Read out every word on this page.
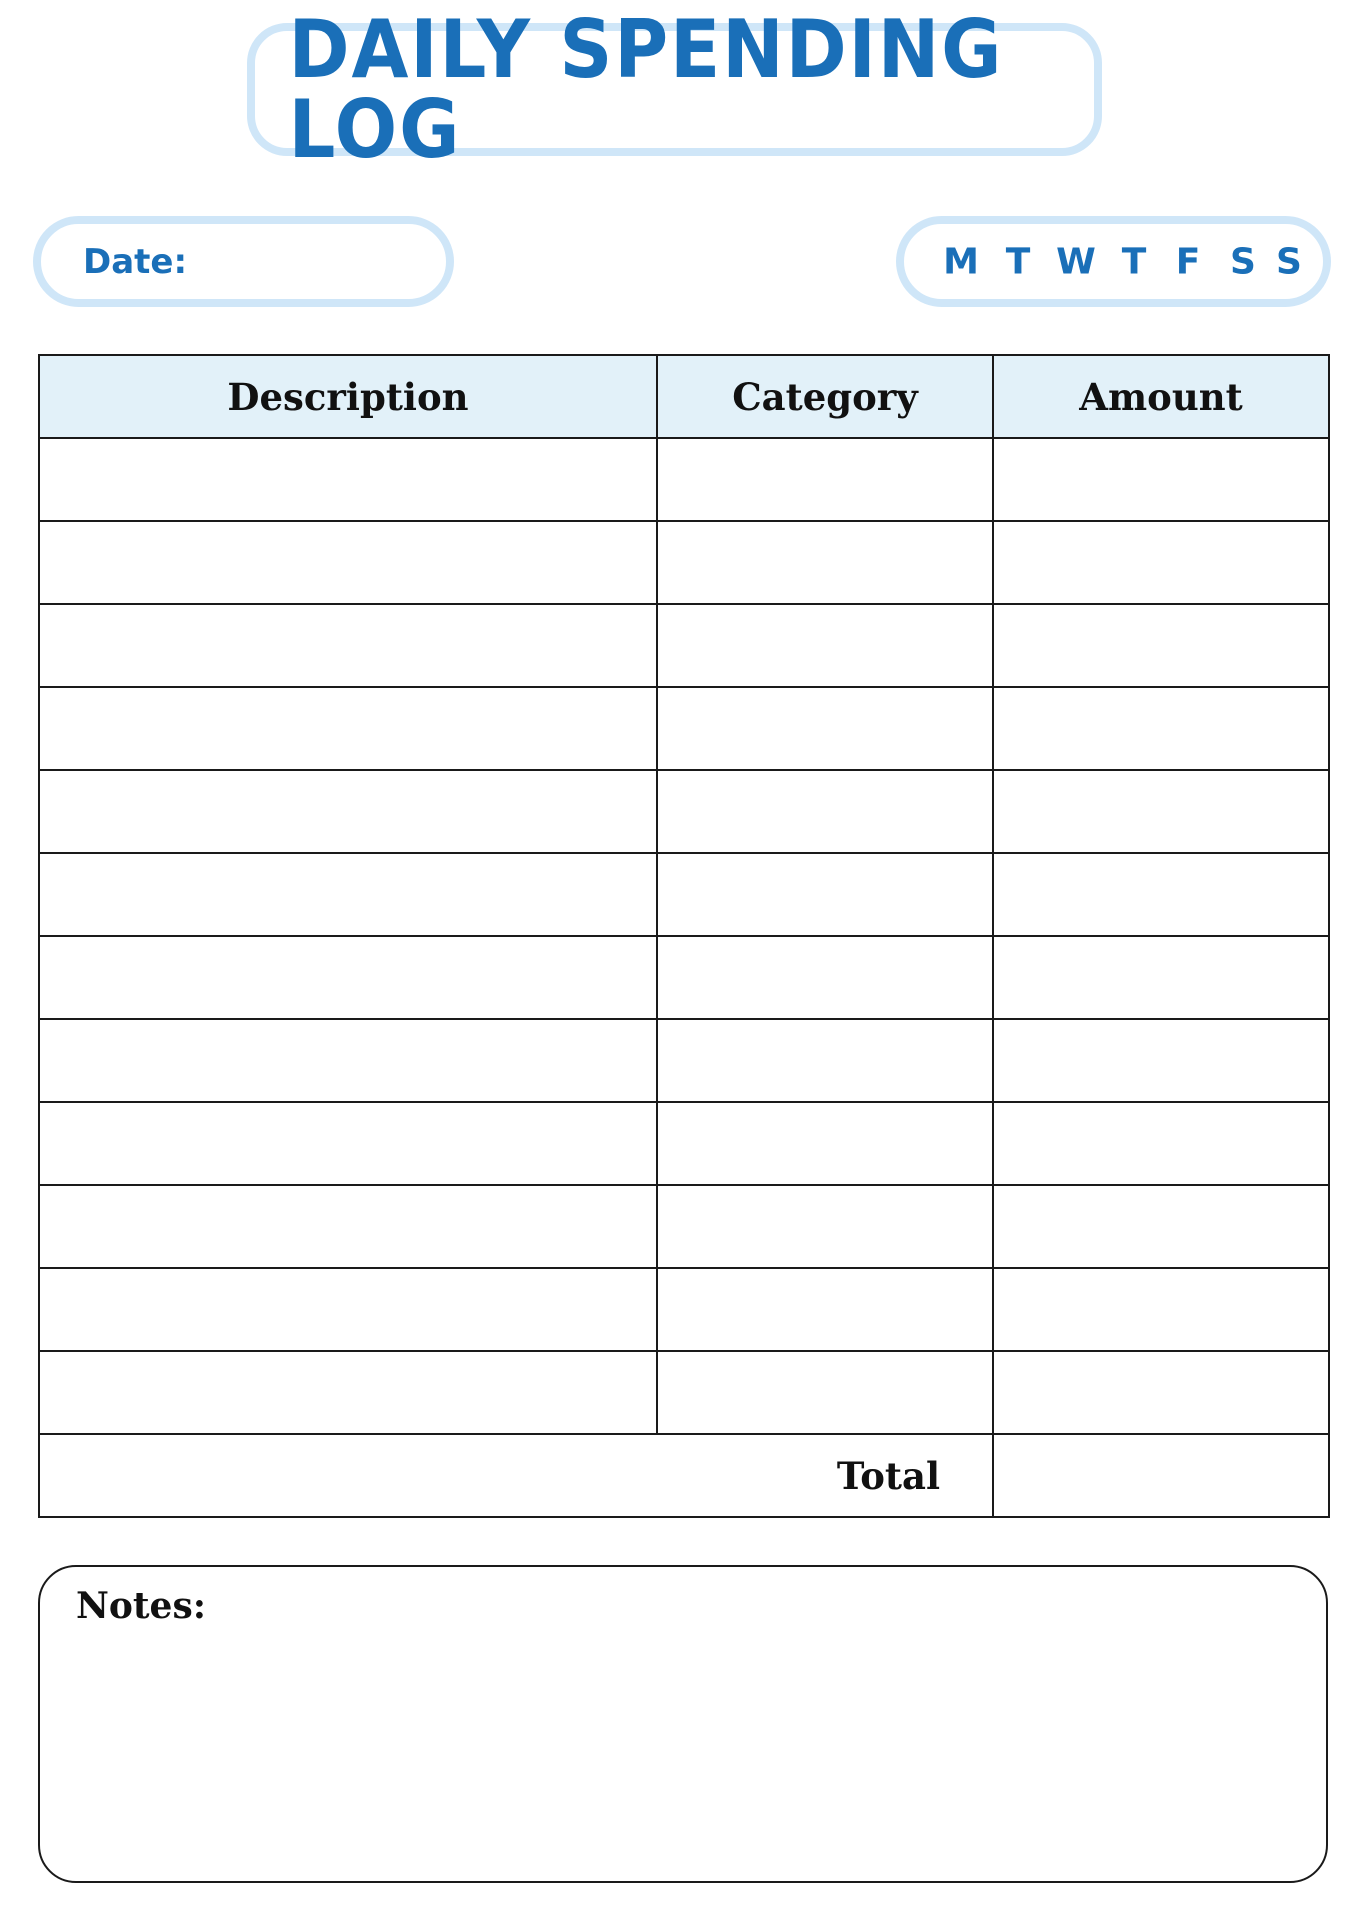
DAILY SPENDING LOG
Date:	M T W T F S S
Description	Category	Amount

Total		
Notes:
